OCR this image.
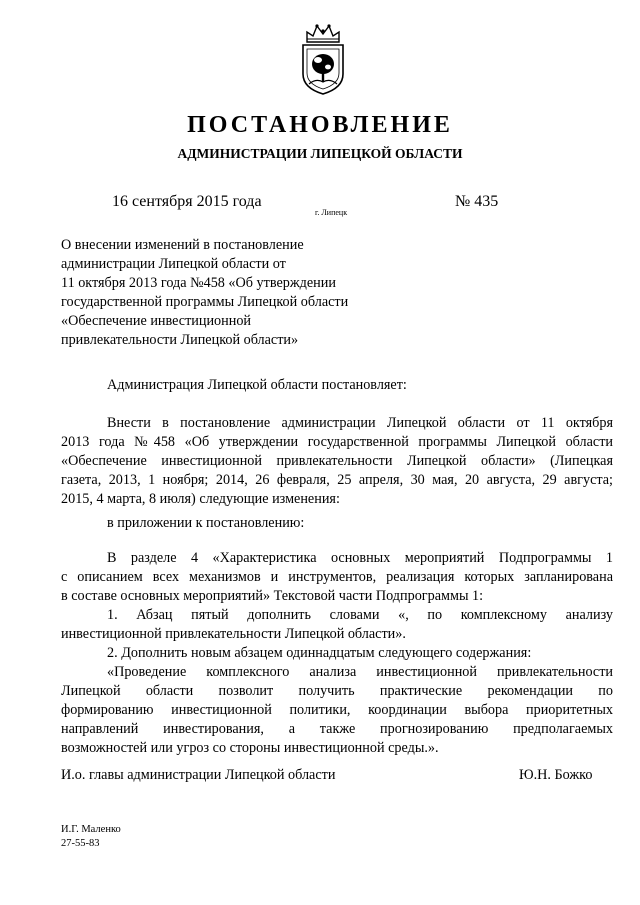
ПОСТАНОВЛЕНИЕ
АДМИНИСТРАЦИИ ЛИПЕЦКОЙ ОБЛАСТИ
16 сентября 2015 года
г. Липецк
№ 435
О внесении изменений в постановление
администрации Липецкой области от
11 октября 2013 года №458 «Об утверждении
государственной программы Липецкой области
«Обеспечение инвестиционной
привлекательности Липецкой области»
Администрация Липецкой области постановляет:
Внести в постановление администрации Липецкой области от 11 октября
2013 года №458 «Об утверждении государственной программы Липецкой области
«Обеспечение инвестиционной привлекательности Липецкой области» (Липецкая
газета, 2013, 1 ноября; 2014, 26 февраля, 25 апреля, 30 мая, 20 августа, 29 августа;
2015, 4 марта, 8 июля) следующие изменения:
в приложении к постановлению:
В разделе 4 «Характеристика основных мероприятий Подпрограммы 1
с описанием всех механизмов и инструментов, реализация которых запланирована
в составе основных мероприятий» Текстовой части Подпрограммы 1:
1. Абзац пятый дополнить словами «, по комплексному анализу
инвестиционной привлекательности Липецкой области».
2. Дополнить новым абзацем одиннадцатым следующего содержания:
«Проведение комплексного анализа инвестиционной привлекательности
Липецкой области позволит получить практические рекомендации по
формированию инвестиционной политики, координации выбора приоритетных
направлений инвестирования, а также прогнозированию предполагаемых
возможностей или угроз со стороны инвестиционной среды.».
И.о. главы администрации Липецкой области	Ю.Н. Божко
И.Г. Маленко
27-55-83
